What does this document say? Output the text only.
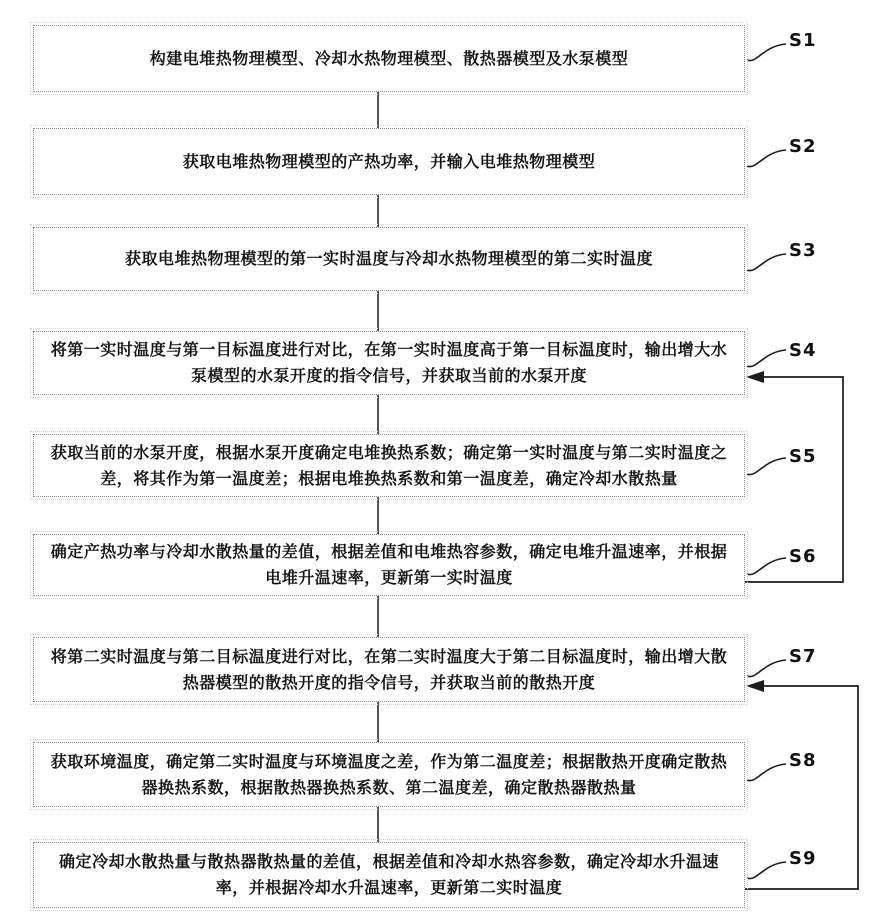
构建电堆热物理模型、冷却水热物理模型、散热器模型及水泵模型
获取电堆热物理模型的产热功率，并输入电堆热物理模型
获取电堆热物理模型的第一实时温度与冷却水热物理模型的第二实时温度
将第一实时温度与第一目标温度进行对比，在第一实时温度高于第一目标温度时，输出增大水泵模型的水泵开度的指令信号，并获取当前的水泵开度
获取当前的水泵开度，根据水泵开度确定电堆换热系数；确定第一实时温度与第二实时温度之差，将其作为第一温度差；根据电堆换热系数和第一温度差，确定冷却水散热量
确定产热功率与冷却水散热量的差值，根据差值和电堆热容参数，确定电堆升温速率，并根据电堆升温速率，更新第一实时温度
将第二实时温度与第二目标温度进行对比，在第二实时温度大于第二目标温度时，输出增大散热器模型的散热开度的指令信号，并获取当前的散热开度
获取环境温度，确定第二实时温度与环境温度之差，作为第二温度差；根据散热开度确定散热器换热系数，根据散热器换热系数、第二温度差，确定散热器散热量
确定冷却水散热量与散热器散热量的差值，根据差值和冷却水热容参数，确定冷却水升温速率，并根据冷却水升温速率，更新第二实时温度
S1
S2
S3
S4
S5
S6
S7
S8
S9
